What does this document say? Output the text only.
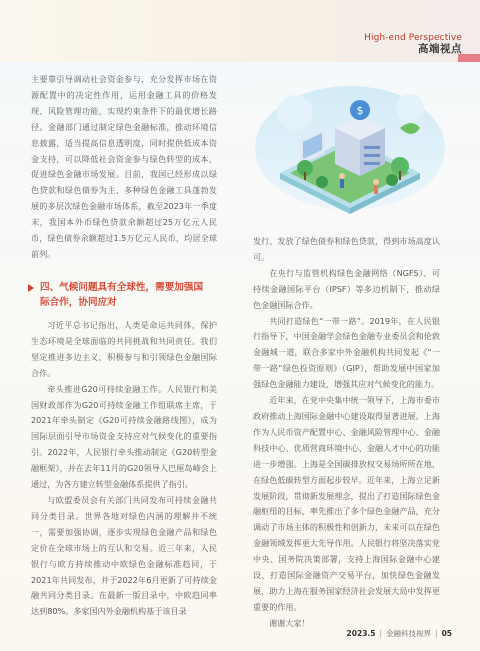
High-end Perspective
高端视点
$

主要靠引导调动社会资金参与，充分发挥市场在资源配置中的决定性作用，运用金融工具的价格发现、风险管理功能，实现约束条件下的最优增长路径。金融部门通过制定绿色金融标准，推动环境信息披露，适当提高信息透明度，同时提供低成本资金支持，可以降低社会资金参与绿色转型的成本，促进绿色金融市场发展。目前，我国已经形成以绿色贷款和绿色债券为主、多种绿色金融工具蓬勃发展的多层次绿色金融市场体系，截至2023年一季度末，我国本外币绿色贷款余额超过25万亿元人民币，绿色债券余额超过1.5万亿元人民币，均居全球前列。

四、气候问题具有全球性，需要加强国
际合作，协同应对

习近平总书记指出，人类是命运共同体，保护生态环境是全球面临的共同挑战和共同责任。我们坚定推进多边主义，积极参与和引领绿色金融国际合作。

牵头推进G20可持续金融工作。人民银行和美国财政部作为G20可持续金融工作组联席主席，于2021年牵头制定《G20可持续金融路线图》，成为国际层面引导市场资金支持应对气候变化的重要指引。2022年，人民银行牵头推动制定《G20转型金融框架》，并在去年11月的G20领导人巴厘岛峰会上通过，为各方建立转型金融体系提供了指引。

与欧盟委员会有关部门共同发布可持续金融共同分类目录。世界各地对绿色内涵的理解并不统一，需要加强协调，逐步实现绿色金融产品和绿色定价在全球市场上的互认和交易。近三年来，人民银行与欧方持续推动中欧绿色金融标准趋同，于2021年共同发布，并于2022年6月更新了可持续金融共同分类目录。在最新一版目录中，中欧趋同率达到80%。多家国内外金融机构基于该目录

发行、发放了绿色债券和绿色贷款，得到市场高度认可。

在央行与监管机构绿色金融网络（NGFS）、可持续金融国际平台（IPSF）等多边机制下，推动绿色金融国际合作。

共同打造绿色“一带一路”。2019年，在人民银行指导下，中国金融学会绿色金融专业委员会和伦敦金融城一道，联合多家中外金融机构共同发起《“一带一路”绿色投资原则》（GIP），帮助发展中国家加强绿色金融能力建设，增强其应对气候变化的能力。

近年来，在党中央集中统一领导下，上海市委市政府推动上海国际金融中心建设取得显著进展。上海作为人民币资产配置中心、金融风险管理中心、金融科技中心、优质营商环境中心、金融人才中心的功能进一步增强。上海是全国碳排放权交易场所所在地，在绿色低碳转型方面起步较早。近年来，上海立足新发展阶段，贯彻新发展理念，提出了打造国际绿色金融枢纽的目标，率先推出了多个绿色金融产品，充分调动了市场主体的积极性和创新力，未来可以在绿色金融领域发挥更大先导作用。人民银行将坚决落实党中央、国务院决策部署，支持上海国际金融中心建设，打造国际金融资产交易平台，加快绿色金融发展，助力上海在服务国家经济社会发展大局中发挥更重要的作用。

谢谢大家！

2023.5 | 金融科技视界 | 05
